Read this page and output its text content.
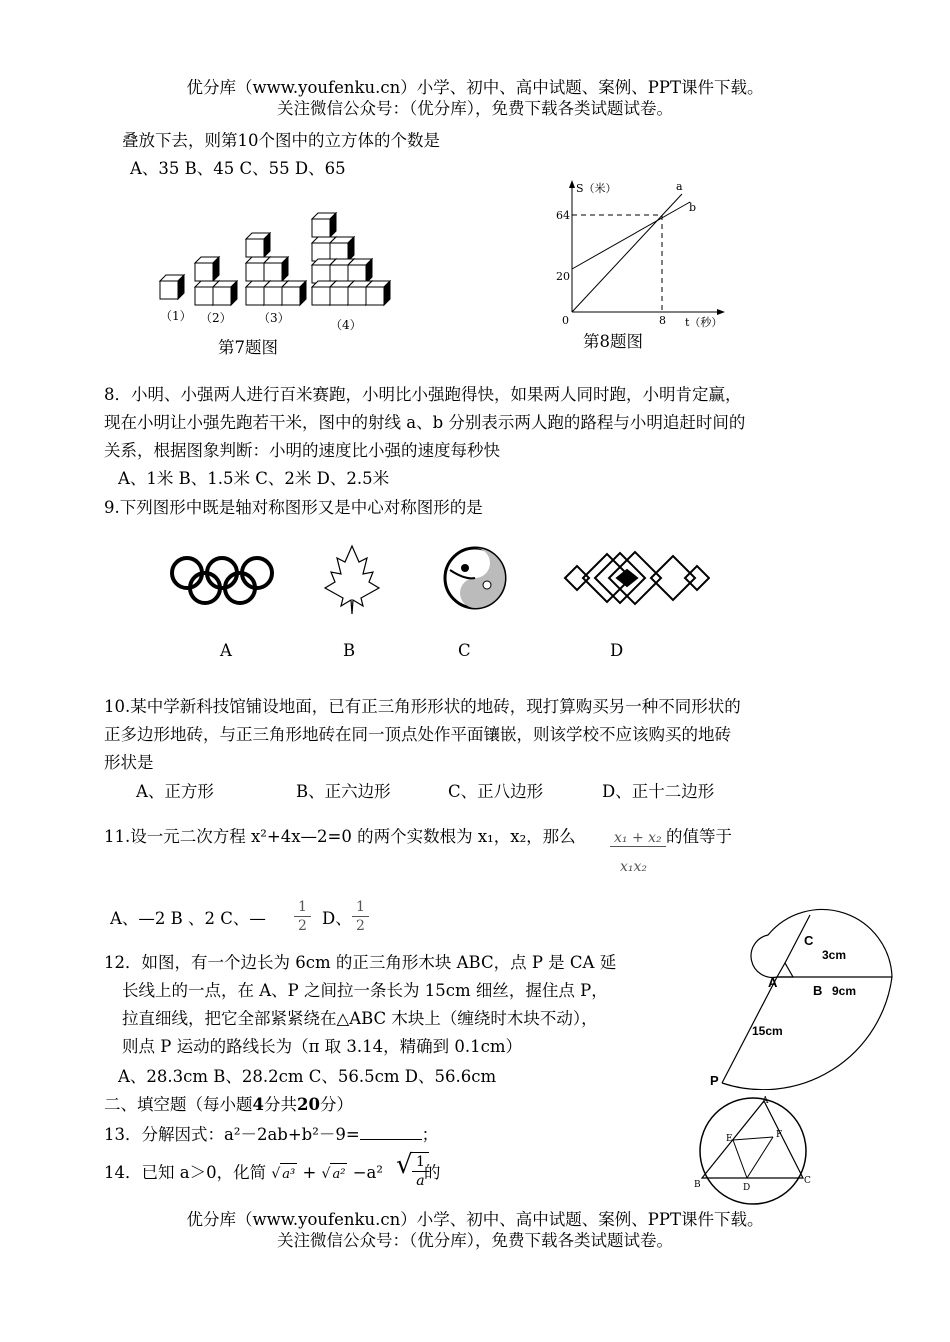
优分库（www.youfenku.cn）小学、初中、高中试题、案例、PPT课件下载。
关注微信公众号：（优分库），免费下载各类试题试卷。
叠放下去，则第10个图中的立方体的个数是
A、35 B、45 C、55 D、65
（1） （2） （3）	（4）
第7题图
S（米）
t（秒）
64
20
0	8
a
b
第8题图
8．小明、小强两人进行百米赛跑，小明比小强跑得快，如果两人同时跑，小明肯定赢，
现在小明让小强先跑若干米，图中的射线 a、b 分别表示两人跑的路程与小明追赶时间的
关系，根据图象判断：小明的速度比小强的速度每秒快
A、1米 B、1.5米 C、2米 D、2.5米
9.下列图形中既是轴对称图形又是中心对称图形的是
A	B	C	D
10.某中学新科技馆铺设地面，已有正三角形形状的地砖，现打算购买另一种不同形状的
正多边形地砖，与正三角形地砖在同一顶点处作平面镶嵌，则该学校不应该购买的地砖
形状是
A、正方形	B、正六边形	C、正八边形	D、正十二边形
11.设一元二次方程 x²+4x—2=0 的两个实数根为 x₁，x₂，那么	x₁ + x₂
x₁x₂
的值等于
A、—2 B 、2 C、— $\frac{1}{2}$ D、 $\frac{1}{2}$
12．如图，有一个边长为 6cm 的正三角形木块 ABC，点 P 是 CA 延
长线上的一点，在 A、P 之间拉一条长为 15cm 细丝，握住点 P，
拉直细线，把它全部紧紧绕在△ABC 木块上（缠绕时木块不动），
则点 P 运动的路线长为（π 取 3.14，精确到 0.1cm）
A、28.3cm B、28.2cm C、56.5cm D、56.6cm
C
A
B
P
3cm
9cm
15cm
二、填空题（每小题4分共20分）
13．分解因式：a²－2ab+b²－9=	；
14．已知 a＞0，化简 √ a³ + √ a² −a² √ $\frac{1}{a}$
的
A
B	C
D
E	F
优分库（www.youfenku.cn）小学、初中、高中试题、案例、PPT课件下载。
关注微信公众号：（优分库），免费下载各类试题试卷。
